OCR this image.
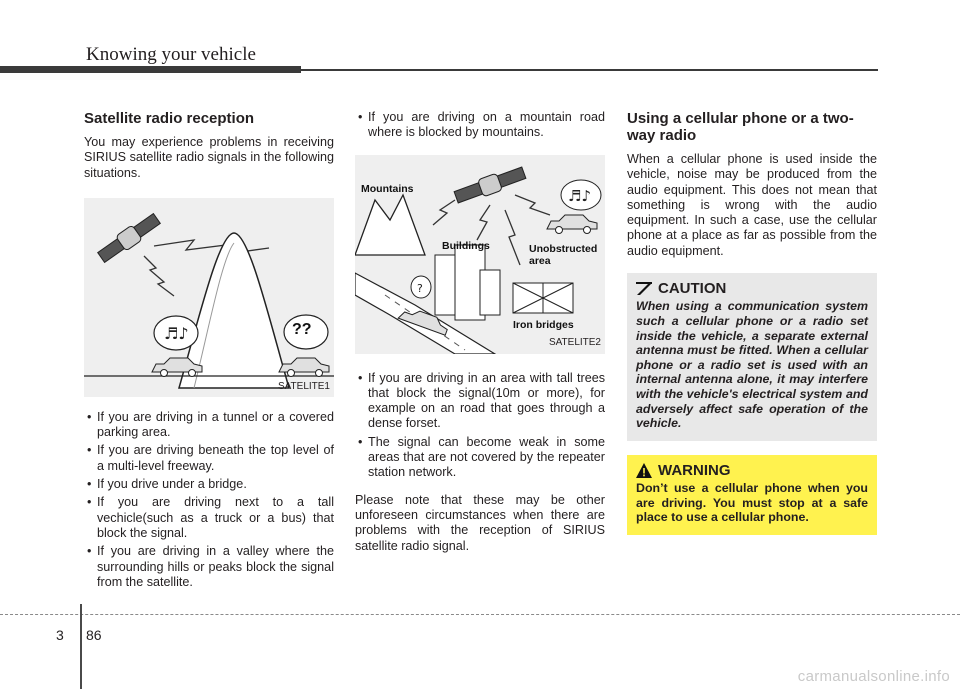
Knowing your vehicle
Satellite radio reception

You may experience problems in receiving SIRIUS satellite radio signals in the following situations.

♬♪	??
SATELITE1
• If you are driving in a tunnel or a covered parking area.
• If you are driving beneath the top level of a multi-level freeway.
• If you drive under a bridge.
• If you are driving next to a tall vechicle(such as a truck or a bus) that block the signal.
• If you are driving in a valley where the surrounding hills or peaks block the signal from the satellite.
• If you are driving on a mountain road where is blocked by mountains.
♬♪
?
Mountains
Buildings	Unobstructed
area
Iron bridges
SATELITE2
• If you are driving in an area with tall trees that block the signal(10m or more), for example on an road that goes through a dense forset.
• The signal can become weak in some areas that are not covered by the repeater station network.

Please note that these may be other unforeseen circumstances when there are problems with the reception of SIRIUS satellite radio signal.

Using a cellular phone or a two-way radio

When a cellular phone is used inside the vehicle, noise may be produced from the audio equipment. This does not mean that something is wrong with the audio equipment. In such a case, use the cellular phone at a place as far as possible from the audio equipment.

CAUTION
When using a communication system such a cellular phone or a radio set inside the vehicle, a separate external antenna must be fitted. When a cellular phone or a radio set is used with an internal antenna alone, it may interfere with the vehicle's electrical system and adversely affect safe operation of the vehicle.
WARNING
Don’t use a cellular phone when you are driving. You must stop at a safe place to use a cellular phone.
3 86
carmanualsonline.info
